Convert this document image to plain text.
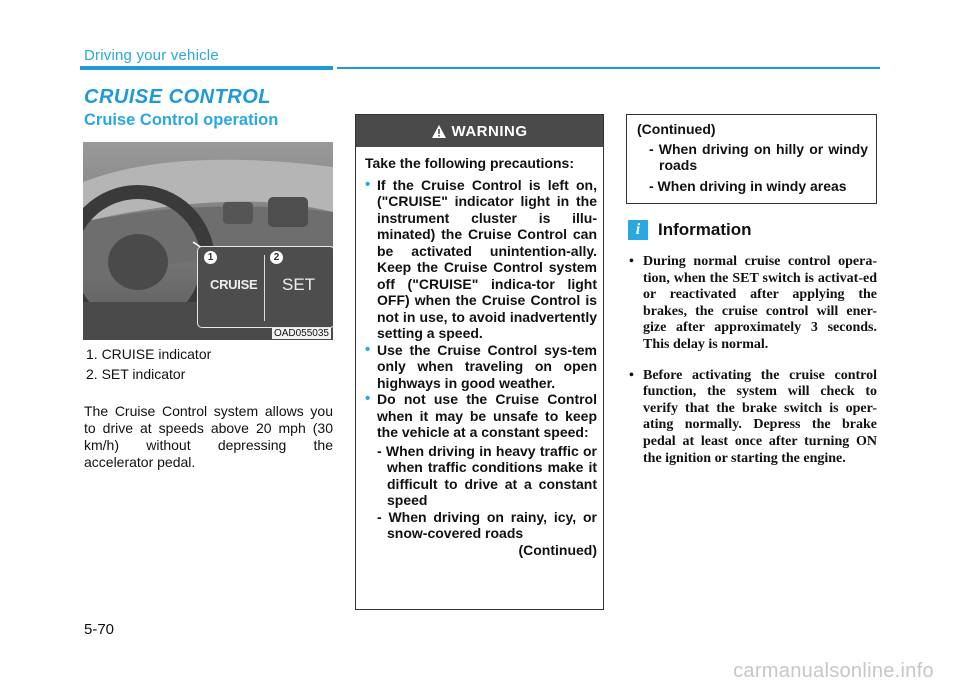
Driving your vehicle
CRUISE CONTROL
Cruise Control operation
1	2
CRUISE SET
OAD055035
1. CRUISE indicator
2. SET indicator
The Cruise Control system allows you to drive at speeds above 20 mph (30 km/h) without depressing the accelerator pedal.
WARNING

Take the following precautions:

• If the Cruise Control is left on, ("CRUISE" indicator light in the instrument cluster is illu-minated) the Cruise Control can be activated unintention-ally. Keep the Cruise Control system off ("CRUISE" indica-tor light OFF) when the Cruise Control is not in use, to avoid inadvertently setting a speed.

• Use the Cruise Control sys-tem only when traveling on open highways in good weather.

• Do not use the Cruise Control when it may be unsafe to keep the vehicle at a constant speed:

- When driving in heavy traffic or when traffic conditions make it difficult to drive at a constant speed

- When driving on rainy, icy, or snow-covered roads

(Continued)

(Continued)

- When driving on hilly or windy roads

- When driving in windy areas

i	Information

• During normal cruise control opera-tion, when the SET switch is activat-ed or reactivated after applying the brakes, the cruise control will ener-gize after approximately 3 seconds. This delay is normal.

• Before activating the cruise control function, the system will check to verify that the brake switch is oper-ating normally. Depress the brake pedal at least once after turning ON the ignition or starting the engine.

5-70
carmanualsonline.info
